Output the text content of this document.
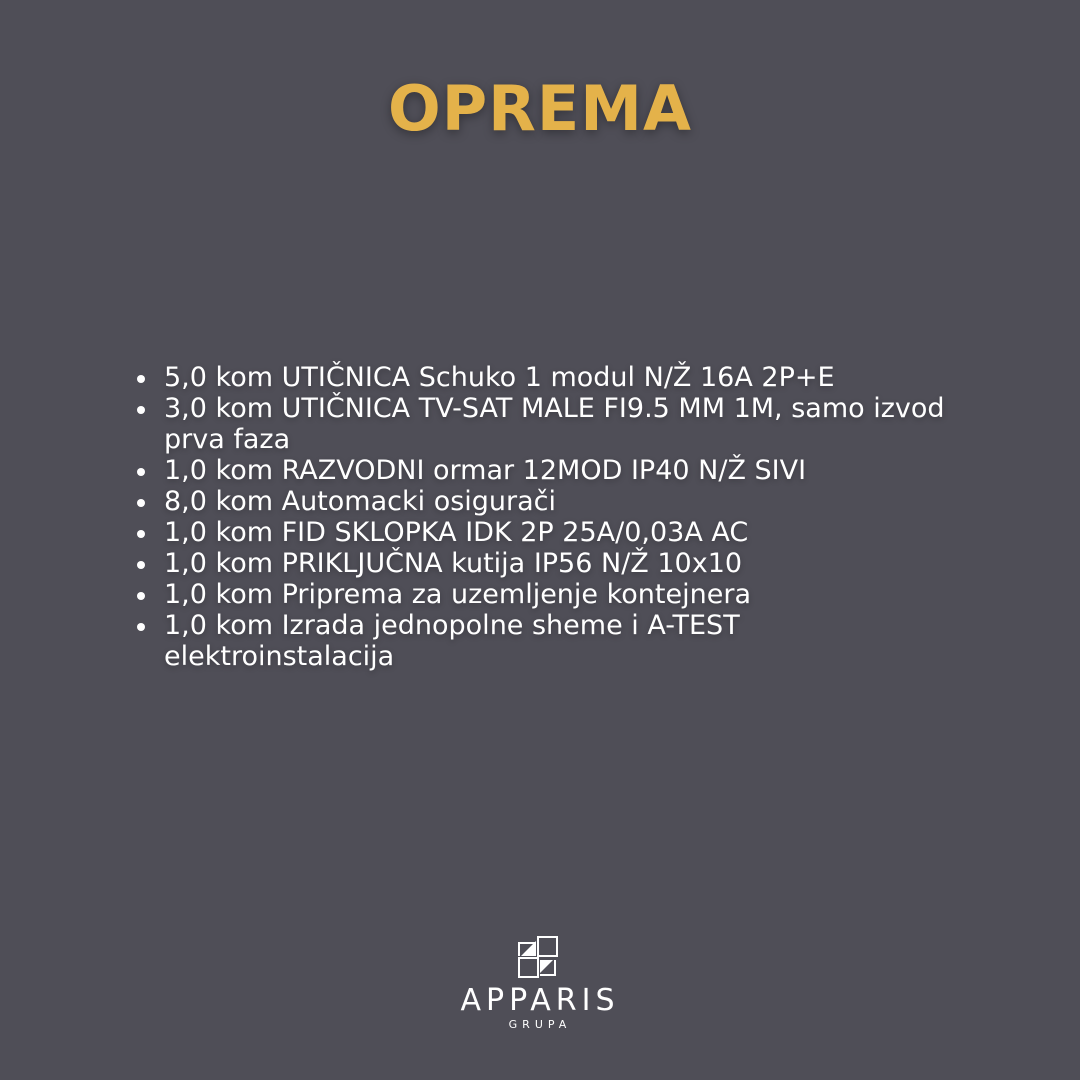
OPREMA
5,0 kom UTIČNICA Schuko 1 modul N/Ž 16A 2P+E
3,0 kom UTIČNICA TV-SAT MALE FI9.5 MM 1M, samo izvod prva faza
1,0 kom RAZVODNI ormar 12MOD IP40 N/Ž SIVI
8,0 kom Automacki osigurači
1,0 kom FID SKLOPKA IDK 2P 25A/0,03A AC
1,0 kom PRIKLJUČNA kutija IP56 N/Ž 10x10
1,0 kom Priprema za uzemljenje kontejnera
1,0 kom Izrada jednopolne sheme i A-TEST elektroinstalacija
APPARIS
GRUPA
